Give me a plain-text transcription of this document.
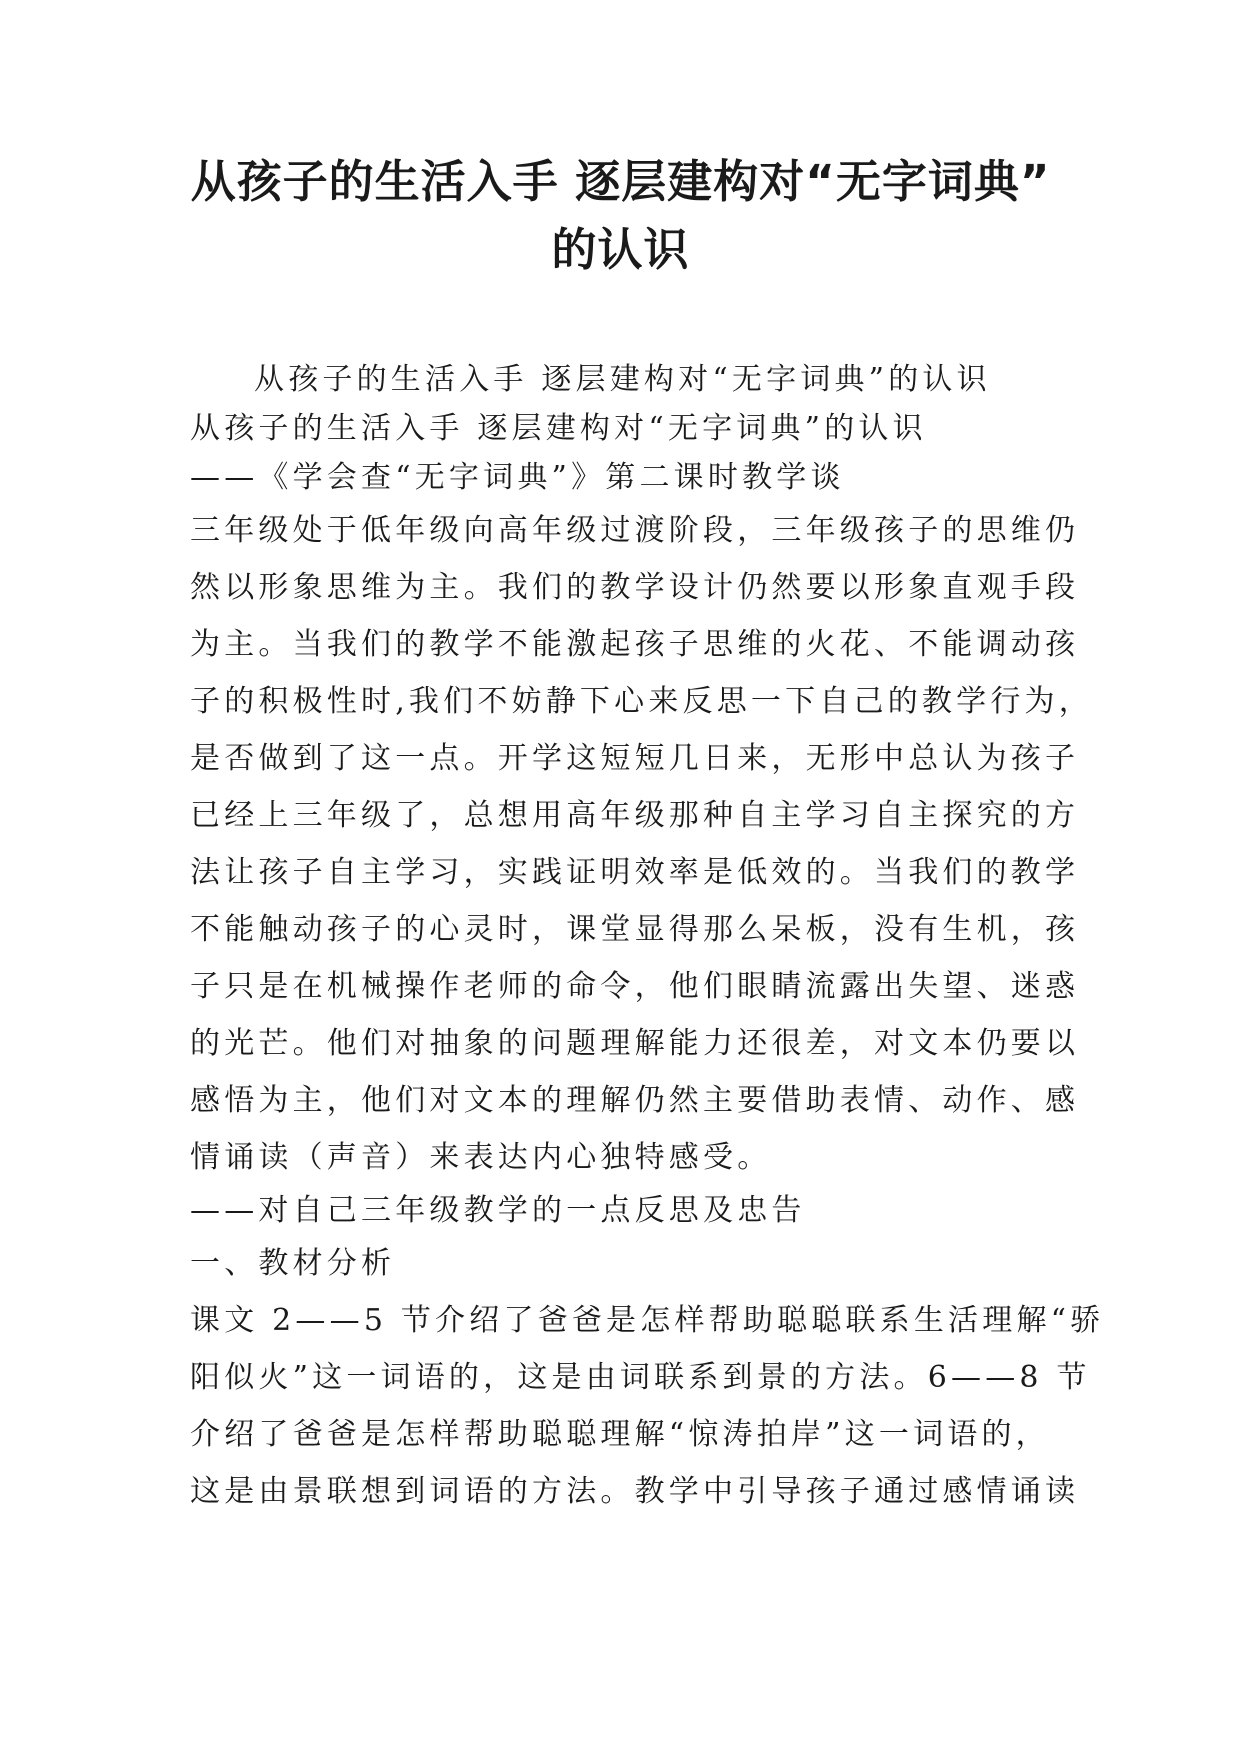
从孩子的生活入手 逐层建构对“无字词典”
的认识

从孩子的生活入手 逐层建构对“无字词典”的认识

从孩子的生活入手 逐层建构对“无字词典”的认识

——《学会查“无字词典”》第二课时教学谈

三年级处于低年级向高年级过渡阶段，三年级孩子的思维仍

然以形象思维为主。我们的教学设计仍然要以形象直观手段

为主。当我们的教学不能激起孩子思维的火花、不能调动孩

子的积极性时,我们不妨静下心来反思一下自己的教学行为，

是否做到了这一点。开学这短短几日来，无形中总认为孩子

已经上三年级了，总想用高年级那种自主学习自主探究的方

法让孩子自主学习，实践证明效率是低效的。当我们的教学

不能触动孩子的心灵时，课堂显得那么呆板，没有生机，孩

子只是在机械操作老师的命令，他们眼睛流露出失望、迷惑

的光芒。他们对抽象的问题理解能力还很差，对文本仍要以

感悟为主，他们对文本的理解仍然主要借助表情、动作、感

情诵读（声音）来表达内心独特感受。

——对自己三年级教学的一点反思及忠告

一、教材分析

课文 2——5 节介绍了爸爸是怎样帮助聪聪联系生活理解“骄

阳似火”这一词语的，这是由词联系到景的方法。6——8 节

介绍了爸爸是怎样帮助聪聪理解“惊涛拍岸”这一词语的，

这是由景联想到词语的方法。教学中引导孩子通过感情诵读
